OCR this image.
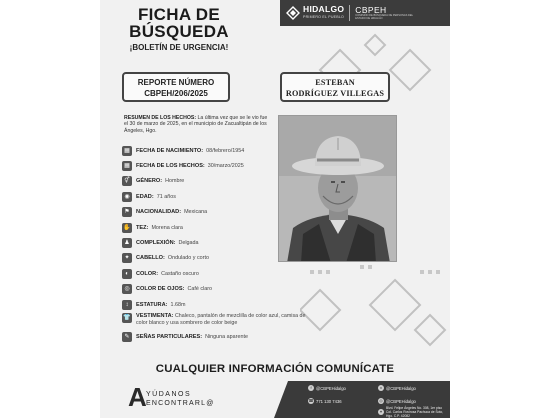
FICHA DE
BÚSQUEDA
¡BOLETÍN DE URGENCIA!
HIDALGO
PRIMERO EL PUEBLO
CBPEH
COMISIÓN DE BÚSQUEDA DE PERSONAS DEL ESTADO DE HIDALGO
REPORTE NÚMERO
CBPEH/206/2025
ESTEBAN
RODRÍGUEZ VILLEGAS
RESUMEN DE LOS HECHOS: La última vez que se le vio fue el 30 de marzo de 2025, en el municipio de Zacualtipán de los Ángeles, Hgo.
▦	FECHA DE NACIMIENTO: 08/febrero/1954
▦	FECHA DE LOS HECHOS: 30/marzo/2025
⚥	GÉNERO: Hombre
◉	EDAD: 71 años
⚑	NACIONALIDAD: Mexicana
✋ TEZ: Morena clara
♟	COMPLEXIÓN: Delgada
✦	CABELLO: Ondulado y corto
◐	COLOR: Castaño oscuro
◎	COLOR DE OJOS: Café claro
↕	ESTATURA: 1.68m
👕 VESTIMENTA: Chaleco, pantalón de mezclilla de color azul, camisa de color blanco y usa sombrero de color beige
✎	SEÑAS PARTICULARES: Ninguna aparente
CUALQUIER INFORMACIÓN COMUNÍCATE
A YÚDANOS
ENCONTRARL@
f	@CBPEHidalgo	x @CBPEHidalgo
☎ 771 130 7436	◎ @CBPEHidalgo
⌖
Blvd. Felipe Ángeles No. 308, 1er piso Col. Carlos Rovirosa Pachuca de Soto, Hgo. C.P. 42082
